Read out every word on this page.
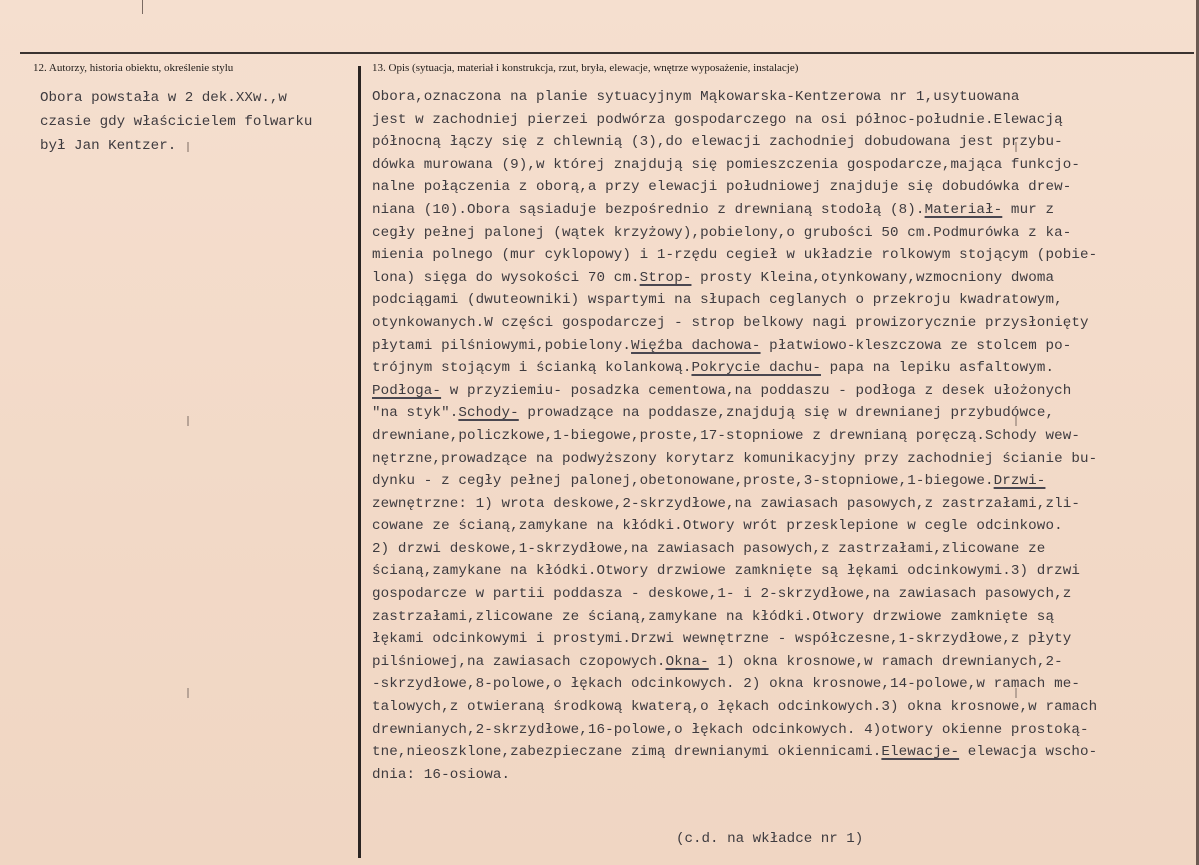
12. Autorzy, historia obiektu, określenie stylu	13. Opis (sytuacja, materiał i konstrukcja, rzut, bryła, elewacje, wnętrze wyposażenie, instalacje)
Obora powstała w 2 dek.XXw.,w
czasie gdy właścicielem folwarku
był Jan Kentzer.
Obora,oznaczona na planie sytuacyjnym Mąkowarska-Kentzerowa nr 1,usytuowana
jest w zachodniej pierzei podwórza gospodarczego na osi północ-południe.Elewacją
północną łączy się z chlewnią (3),do elewacji zachodniej dobudowana jest przybu-
dówka murowana (9),w której znajdują się pomieszczenia gospodarcze,mająca funkcjo-
nalne połączenia z oborą,a przy elewacji południowej znajduje się dobudówka drew-
niana (10).Obora sąsiaduje bezpośrednio z drewnianą stodołą (8).Materiał- mur z
cegły pełnej palonej (wątek krzyżowy),pobielony,o grubości 50 cm.Podmurówka z ka-
mienia polnego (mur cyklopowy) i 1-rzędu cegieł w układzie rolkowym stojącym (pobie-
lona) sięga do wysokości 70 cm.Strop- prosty Kleina,otynkowany,wzmocniony dwoma
podciągami (dwuteowniki) wspartymi na słupach ceglanych o przekroju kwadratowym,
otynkowanych.W części gospodarczej - strop belkowy nagi prowizorycznie przysłonięty
płytami pilśniowymi,pobielony.Więźba dachowa- płatwiowo-kleszczowa ze stolcem po-
trójnym stojącym i ścianką kolankową.Pokrycie dachu- papa na lepiku asfaltowym.
Podłoga- w przyziemiu- posadzka cementowa,na poddaszu - podłoga z desek ułożonych
"na styk".Schody- prowadzące na poddasze,znajdują się w drewnianej przybudówce,
drewniane,policzkowe,1-biegowe,proste,17-stopniowe z drewnianą poręczą.Schody wew-
nętrzne,prowadzące na podwyższony korytarz komunikacyjny przy zachodniej ścianie bu-
dynku - z cegły pełnej palonej,obetonowane,proste,3-stopniowe,1-biegowe.Drzwi-
zewnętrzne: 1) wrota deskowe,2-skrzydłowe,na zawiasach pasowych,z zastrzałami,zli-
cowane ze ścianą,zamykane na kłódki.Otwory wrót przesklepione w cegle odcinkowo.
2) drzwi deskowe,1-skrzydłowe,na zawiasach pasowych,z zastrzałami,zlicowane ze
ścianą,zamykane na kłódki.Otwory drzwiowe zamknięte są łękami odcinkowymi.3) drzwi
gospodarcze w partii poddasza - deskowe,1- i 2-skrzydłowe,na zawiasach pasowych,z
zastrzałami,zlicowane ze ścianą,zamykane na kłódki.Otwory drzwiowe zamknięte są
łękami odcinkowymi i prostymi.Drzwi wewnętrzne - współczesne,1-skrzydłowe,z płyty
pilśniowej,na zawiasach czopowych.Okna- 1) okna krosnowe,w ramach drewnianych,2-
-skrzydłowe,8-polowe,o łękach odcinkowych. 2) okna krosnowe,14-polowe,w ramach me-
talowych,z otwieraną środkową kwaterą,o łękach odcinkowych.3) okna krosnowe,w ramach
drewnianych,2-skrzydłowe,16-polowe,o łękach odcinkowych. 4)otwory okienne prostoką-
tne,nieoszklone,zabezpieczane zimą drewnianymi okiennicami.Elewacje- elewacja wscho-
dnia: 16-osiowa.
(c.d. na wkładce nr 1)
